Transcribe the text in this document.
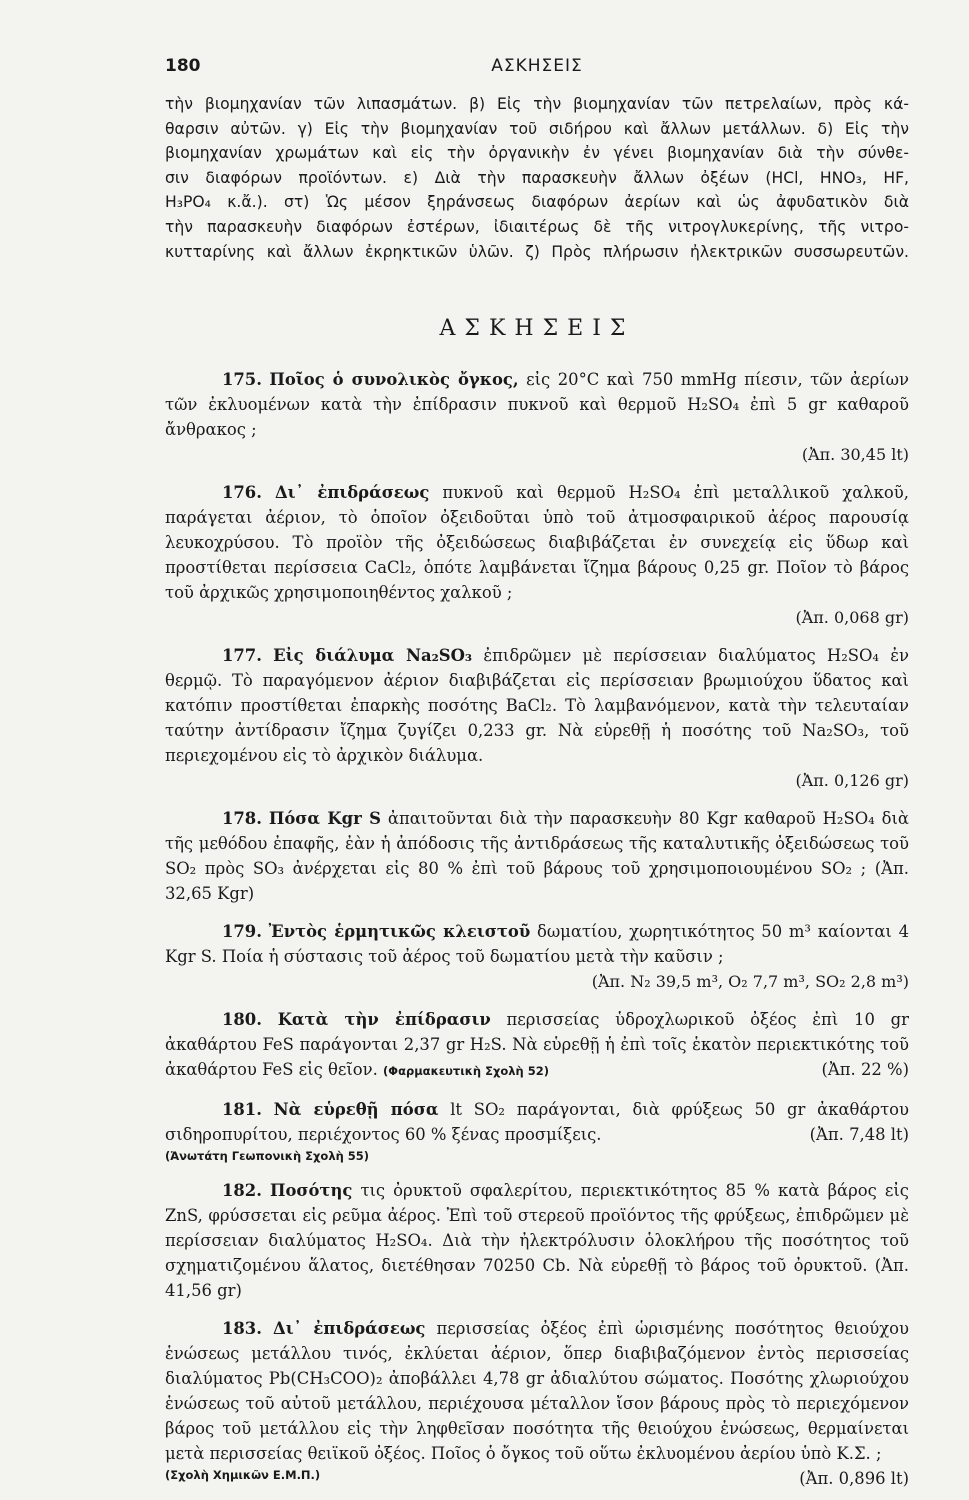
180	ΑΣΚΗΣΕΙΣ
τὴν βιομηχανίαν τῶν λιπασμάτων. β) Εἰς τὴν βιομηχανίαν τῶν πετρελαίων, πρὸς κά-
θαρσιν αὐτῶν. γ) Εἰς τὴν βιομηχανίαν τοῦ σιδήρου καὶ ἄλλων μετάλλων. δ) Εἰς τὴν
βιομηχανίαν χρωμάτων καὶ εἰς τὴν ὀργανικὴν ἐν γένει βιομηχανίαν διὰ τὴν σύνθε-
σιν διαφόρων προϊόντων. ε) Διὰ τὴν παρασκευὴν ἄλλων ὀξέων (HCl, HNO₃, HF,
H₃PO₄ κ.ἄ.). στ) Ὡς μέσον ξηράνσεως διαφόρων ἀερίων καὶ ὡς ἀφυδατικὸν διὰ
τὴν παρασκευὴν διαφόρων ἐστέρων, ἰδιαιτέρως δὲ τῆς νιτρογλυκερίνης, τῆς νιτρο-
κυτταρίνης καὶ ἄλλων ἐκρηκτικῶν ὑλῶν. ζ) Πρὸς πλήρωσιν ἠλεκτρικῶν συσσωρευτῶν.
ΑΣΚΗΣΕΙΣ
175. Ποῖος ὁ συνολικὸς ὄγκος, εἰς 20°C καὶ 750 mmHg πίεσιν, τῶν ἀερίων τῶν ἐκλυομένων κατὰ τὴν ἐπίδρασιν πυκνοῦ καὶ θερμοῦ H₂SO₄ ἐπὶ 5 gr καθαροῦ ἄνθρακος ;
(Ἀπ. 30,45 lt)
176. Δι᾽ ἐπιδράσεως πυκνοῦ καὶ θερμοῦ H₂SO₄ ἐπὶ μεταλλικοῦ χαλκοῦ, παράγεται ἀέριον, τὸ ὁποῖον ὀξειδοῦται ὑπὸ τοῦ ἀτμοσφαιρικοῦ ἀέρος παρουσίᾳ λευκοχρύσου. Τὸ προϊὸν τῆς ὀξειδώσεως διαβιβάζεται ἐν συνεχείᾳ εἰς ὕδωρ καὶ προστίθεται περίσσεια CaCl₂, ὁπότε λαμβάνεται ἴζημα βάρους 0,25 gr. Ποῖον τὸ βάρος τοῦ ἀρχικῶς χρησιμοποιηθέντος χαλκοῦ ;
(Ἀπ. 0,068 gr)
177. Εἰς διάλυμα Na₂SO₃ ἐπιδρῶμεν μὲ περίσσειαν διαλύματος H₂SO₄ ἐν θερμῷ. Τὸ παραγόμενον ἀέριον διαβιβάζεται εἰς περίσσειαν βρωμιούχου ὕδατος καὶ κατόπιν προστίθεται ἐπαρκὴς ποσότης BaCl₂. Τὸ λαμβανόμενον, κατὰ τὴν τελευταίαν ταύτην ἀντίδρασιν ἴζημα ζυγίζει 0,233 gr. Νὰ εὑρεθῇ ἡ ποσότης τοῦ Na₂SO₃, τοῦ περιεχομένου εἰς τὸ ἀρχικὸν διάλυμα.
(Ἀπ. 0,126 gr)
178. Πόσα Kgr S ἀπαιτοῦνται διὰ τὴν παρασκευὴν 80 Kgr καθαροῦ H₂SO₄ διὰ τῆς μεθόδου ἐπαφῆς, ἐὰν ἡ ἀπόδοσις τῆς ἀντιδράσεως τῆς καταλυτικῆς ὀξειδώσεως τοῦ SO₂ πρὸς SO₃ ἀνέρχεται εἰς 80 % ἐπὶ τοῦ βάρους τοῦ χρησιμοποιουμένου SO₂ ; (Ἀπ. 32,65 Kgr)
179. Ἐντὸς ἑρμητικῶς κλειστοῦ δωματίου, χωρητικότητος 50 m³ καίονται 4 Kgr S. Ποία ἡ σύστασις τοῦ ἀέρος τοῦ δωματίου μετὰ τὴν καῦσιν ;
(Ἀπ. N₂ 39,5 m³, O₂ 7,7 m³, SO₂ 2,8 m³)
180. Κατὰ τὴν ἐπίδρασιν περισσείας ὑδροχλωρικοῦ ὀξέος ἐπὶ 10 gr ἀκαθάρτου FeS παράγονται 2,37 gr H₂S. Νὰ εὑρεθῇ ἡ ἐπὶ τοῖς ἑκατὸν περιεκτικότης τοῦ ἀκαθάρτου FeS εἰς θεῖον. (Φαρμακευτικὴ Σχολὴ 52)	(Ἀπ. 22 %)
181. Νὰ εὑρεθῇ πόσα lt SO₂ παράγονται, διὰ φρύξεως 50 gr ἀκαθάρτου σιδηροπυρίτου, περιέχοντος 60 % ξένας προσμίξεις.	(Ἀπ. 7,48 lt)
(Ἀνωτάτη Γεωπονικὴ Σχολὴ 55)
182. Ποσότης τις ὀρυκτοῦ σφαλερίτου, περιεκτικότητος 85 % κατὰ βάρος εἰς ZnS, φρύσσεται εἰς ρεῦμα ἀέρος. Ἐπὶ τοῦ στερεοῦ προϊόντος τῆς φρύξεως, ἐπιδρῶμεν μὲ περίσσειαν διαλύματος H₂SO₄. Διὰ τὴν ἠλεκτρόλυσιν ὁλοκλήρου τῆς ποσότητος τοῦ σχηματιζομένου ἅλατος, διετέθησαν 70250 Cb. Νὰ εὑρεθῇ τὸ βάρος τοῦ ὀρυκτοῦ. (Ἀπ. 41,56 gr)
183. Δι᾽ ἐπιδράσεως περισσείας ὀξέος ἐπὶ ὡρισμένης ποσότητος θειούχου ἑνώσεως μετάλλου τινός, ἐκλύεται ἀέριον, ὅπερ διαβιβαζόμενον ἐντὸς περισσείας διαλύματος Pb(CH₃COO)₂ ἀποβάλλει 4,78 gr ἀδιαλύτου σώματος. Ποσότης χλωριούχου ἑνώσεως τοῦ αὐτοῦ μετάλλου, περιέχουσα μέταλλον ἴσον βάρους πρὸς τὸ περιεχόμενον βάρος τοῦ μετάλλου εἰς τὴν ληφθεῖσαν ποσότητα τῆς θειούχου ἑνώσεως, θερμαίνεται μετὰ περισσείας θειϊκοῦ ὀξέος. Ποῖος ὁ ὄγκος τοῦ οὕτω ἐκλυομένου ἀερίου ὑπὸ Κ.Σ. ;
(Ἀπ. 0,896 lt)
(Σχολὴ Χημικῶν Ε.Μ.Π.)
